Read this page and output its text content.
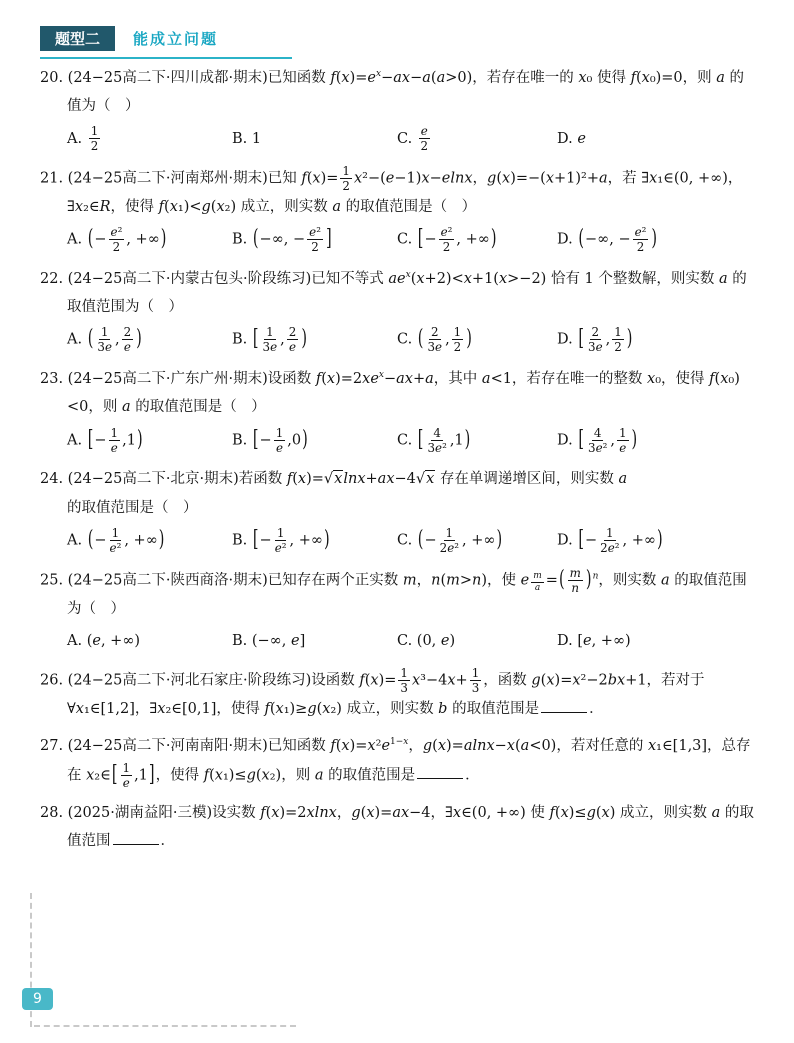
题型二	能成立问题
20. (24−25高二下·四川成都·期末)已知函数 $f(x)=e^x-ax-a(a>0)$，若存在唯一的 x₀ 使得 f(x₀)=0，则 a 的值为（　）
A. $\frac{1}{2}$	B. 1	C. $\frac{e}{2}$	D. e
21. (24−25高二下·河南郑州·期末)已知 $f(x)= \frac{1}{2} x^2-(e-1)x-elnx$，g(x)=−(x+1)²+a，若 ∃x₁∈(0, +∞)，∃x₂∈R，使得 f(x₁)<g(x₂) 成立，则实数 a 的取值范围是（　）
A. (− $\frac{\text{e²}}{2}$ , +∞)	B. (−∞, − $\frac{\text{e²}}{2}$ ]	C. [− $\frac{\text{e²}}{2}$ , +∞)	D. (−∞, − $\frac{\text{e²}}{2}$ )
22. (24−25高二下·内蒙古包头·阶段练习)已知不等式 $ae^x(x+2)<x+1(x>-2)$ 恰有 1 个整数解，则实数 a 的取值范围为（　）
A. ( $\frac{1}{3e}$ , $\frac{2}{e}$ )	B. [ $\frac{1}{3e}$ , $\frac{2}{e}$ )	C. ( $\frac{2}{3e}$ , $\frac{1}{2}$ )	D. [ $\frac{2}{3e}$ , $\frac{1}{2}$ )
23. (24−25高二下·广东广州·期末)设函数 $f(x)=2xe^x-ax+a$，其中 a<1，若存在唯一的整数 x₀，使得 f(x₀)<0，则 a 的取值范围是（　）
A. [− $\frac{1}{e} ,1$)	B. [− $\frac{1}{e} ,0$)	C. [ $\frac{4}{\text{3e²}} ,1$)	D. [ $\frac{4}{\text{3e²}}$ , $\frac{1}{e}$ )
24. (24−25高二下·北京·期末)若函数 f(x)=√xlnx+ax−4√x 存在单调递增区间，则实数 a 的取值范围是（　）
A. (− $\frac{1}{\text{e²}}$ , +∞)	B. [− $\frac{1}{\text{e²}}$ , +∞)	C. (− $\frac{1}{\text{2e²}}$ , +∞)	D. [− $\frac{1}{\text{2e²}}$ , +∞)
25. (24−25高二下·陕西商洛·期末)已知存在两个正实数 m，n(m>n)，使 e $^{\frac{m}{a}}$ =( $\frac{m}{n} )^n$，则实数 a 的取值范围为（　）
A. (e, +∞)	B. (−∞, e]	C. (0, e)	D. [e, +∞)
26. (24−25高二下·河北石家庄·阶段练习)设函数 $f(x)= \frac{1}{3} x^3-4x+ \frac{1}{3}$ ，函数 g(x)=x²−2bx+1，若对于 ∀x₁∈[1,2]，∃x₂∈[0,1]，使得 f(x₁)≥g(x₂) 成立，则实数 b 的取值范围是	．
27. (24−25高二下·河南南阳·期末)已知函数 $f(x)=x^2e^{1-x}$，g(x)=alnx−x(a<0)，若对任意的 x₁∈[1,3]，总存在 x₂∈[ $\frac{1}{e} ,1$]，使得 f(x₁)≤g(x₂)，则 a 的取值范围是	．
28. (2025·湖南益阳·三模)设实数 f(x)=2xlnx，g(x)=ax−4，∃x∈(0, +∞) 使 f(x)≤g(x) 成立，则实数 a 的取值范围	．
9
